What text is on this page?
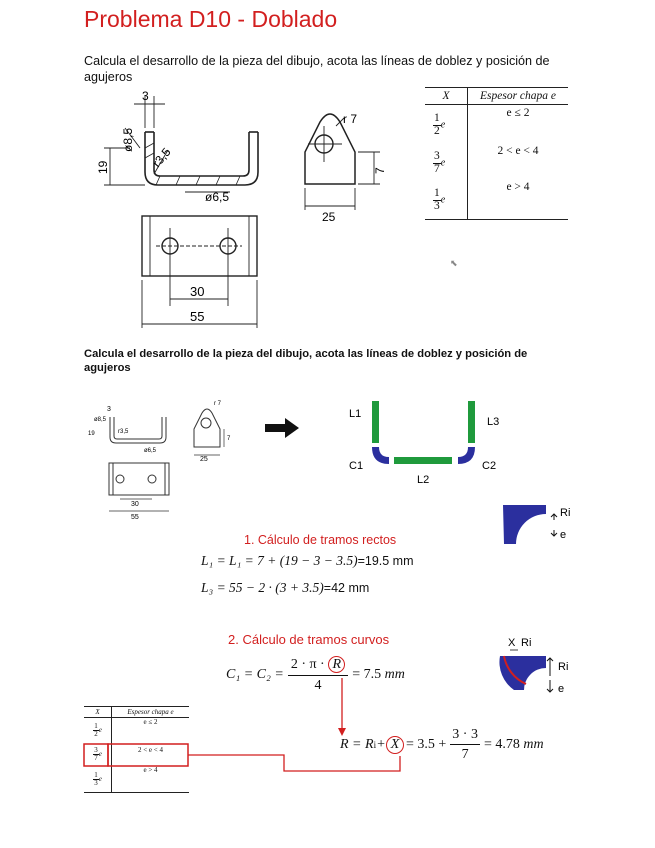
Problema D10 - Doblado
Calcula el desarrollo de la pieza del dibujo, acota las líneas de doblez y posición de agujeros
3
ø8,5
19	r3,5
ø6,5
r 7
7
25
30
55
X	Espesor chapa e

$\frac{1}{2}$ e	e ≤ 2

$\frac{3}{7}$ e	2 < e < 4

$\frac{1}{3}$ e	e > 4
⬉
Calcula el desarrollo de la pieza del dibujo, acota las líneas de doblez y posición de agujeros
3
19
ø8,5
r3,5
ø6,5
r 7
7
25
30
55
L1
L3
C1	C2
L2
Ri
e
1. Cálculo de tramos rectos
L₁ = L₁ = 7 + (19 − 3 − 3.5)=19.5 mm
L₃ = 55 − 2 · (3 + 3.5)=42 mm
2. Cálculo de tramos curvos
$C_1 = C_2 = \frac{2 \cdot \pi \cdot R}{4} = 7.5$
mm
X Ri
Ri
e
X	Espesor chapa e

$\frac{1}{2}$ e	e ≤ 2

$\frac{3}{7}$ e	2 < e < 4

$\frac{1}{3}$ e	e > 4
R = R $i + X = 3.5 + \frac{3 \cdot 3}{7} = 4.78$
mm
